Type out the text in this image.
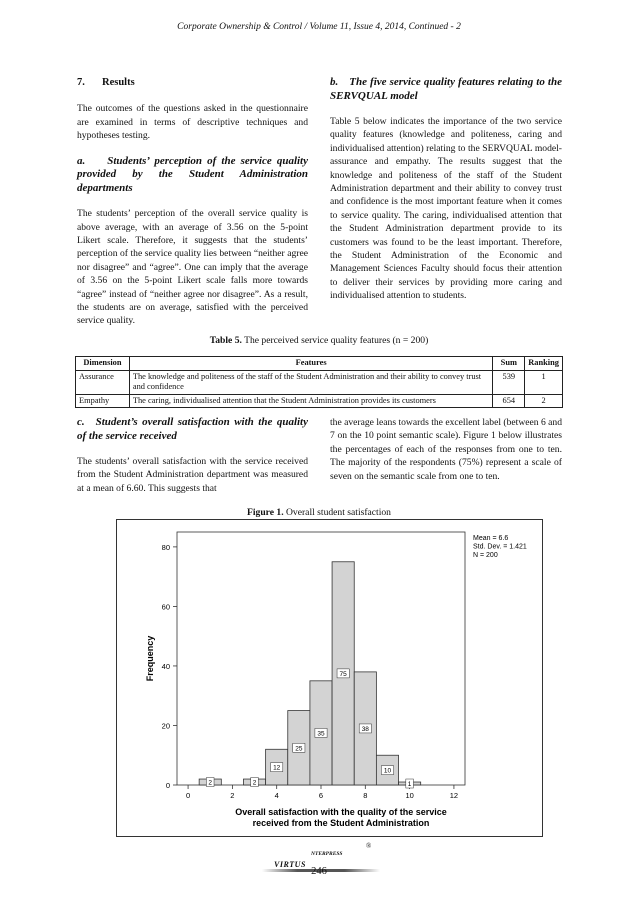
Corporate Ownership & Control / Volume 11, Issue 4, 2014, Continued - 2
7. Results

The outcomes of the questions asked in the questionnaire are examined in terms of descriptive techniques and hypotheses testing.

a.  Students’ perception of the service quality provided by the Student Administration departments

The students’ perception of the overall service quality is above average, with an average of 3.56 on the 5-point Likert scale. Therefore, it suggests that the students’ perception of the service quality lies between “neither agree nor disagree” and “agree”. One can imply that the average of 3.56 on the 5-point Likert scale falls more towards “agree” instead of “neither agree nor disagree”. As a result, the students are on average, satisfied with the perceived service quality.

b. The five service quality features relating to the SERVQUAL model

Table 5 below indicates the importance of the two service quality features (knowledge and politeness, caring and individualised attention) relating to the SERVQUAL model- assurance and empathy. The results suggest that the knowledge and politeness of the staff of the Student Administration department and their ability to convey trust and confidence is the most important feature when it comes to service quality. The caring, individualised attention that the Student Administration department provide to its customers was found to be the least important. Therefore, the Student Administration of the Economic and Management Sciences Faculty should focus their attention to deliver their services by providing more caring and individualised attention to students.

Table 5. The perceived service quality features (n = 200)
Dimension	Features	Sum	Ranking
Assurance	The knowledge and politeness of the staff of the Student Administration and their ability to convey trust and confidence	539	1
Empathy	The caring, individualised attention that the Student Administration provides its customers	654	2
c. Student’s overall satisfaction with the quality of the service received

The students’ overall satisfaction with the service received from the Student Administration department was measured at a mean of 6.60. This suggests that

the average leans towards the excellent label (between 6 and 7 on the 10 point semantic scale). Figure 1 below illustrates the percentages of each of the responses from one to ten. The majority of the respondents (75%) represent a scale of seven on the semantic scale from one to ten.

Figure 1. Overall student satisfaction
0
20
40
60
80
0	2	4	6	8	10	12
2	2
12
25
35
75
38
10
1
Frequency
Overall satisfaction with the quality of the service
received from the Student Administration
Mean = 6.6
Std. Dev. = 1.421
N = 200
VIRTUS
NTERPRESS
®
246
